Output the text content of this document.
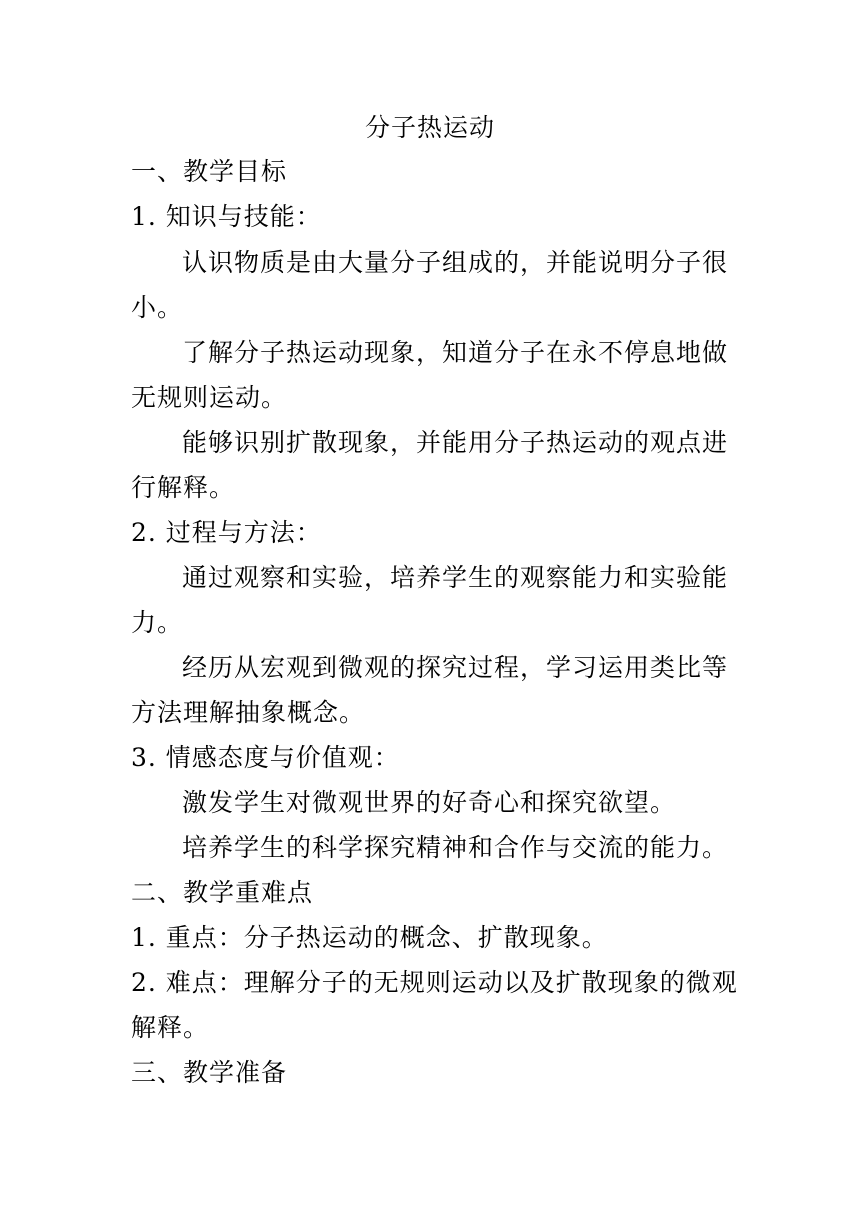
分子热运动
一、教学目标
1. 知识与技能：
认识物质是由大量分子组成的，并能说明分子很
小。
了解分子热运动现象，知道分子在永不停息地做
无规则运动。
能够识别扩散现象，并能用分子热运动的观点进
行解释。
2. 过程与方法：
通过观察和实验，培养学生的观察能力和实验能
力。
经历从宏观到微观的探究过程，学习运用类比等
方法理解抽象概念。
3. 情感态度与价值观：
激发学生对微观世界的好奇心和探究欲望。
培养学生的科学探究精神和合作与交流的能力。
二、教学重难点
1. 重点：分子热运动的概念、扩散现象。
2. 难点：理解分子的无规则运动以及扩散现象的微观
解释。
三、教学准备
